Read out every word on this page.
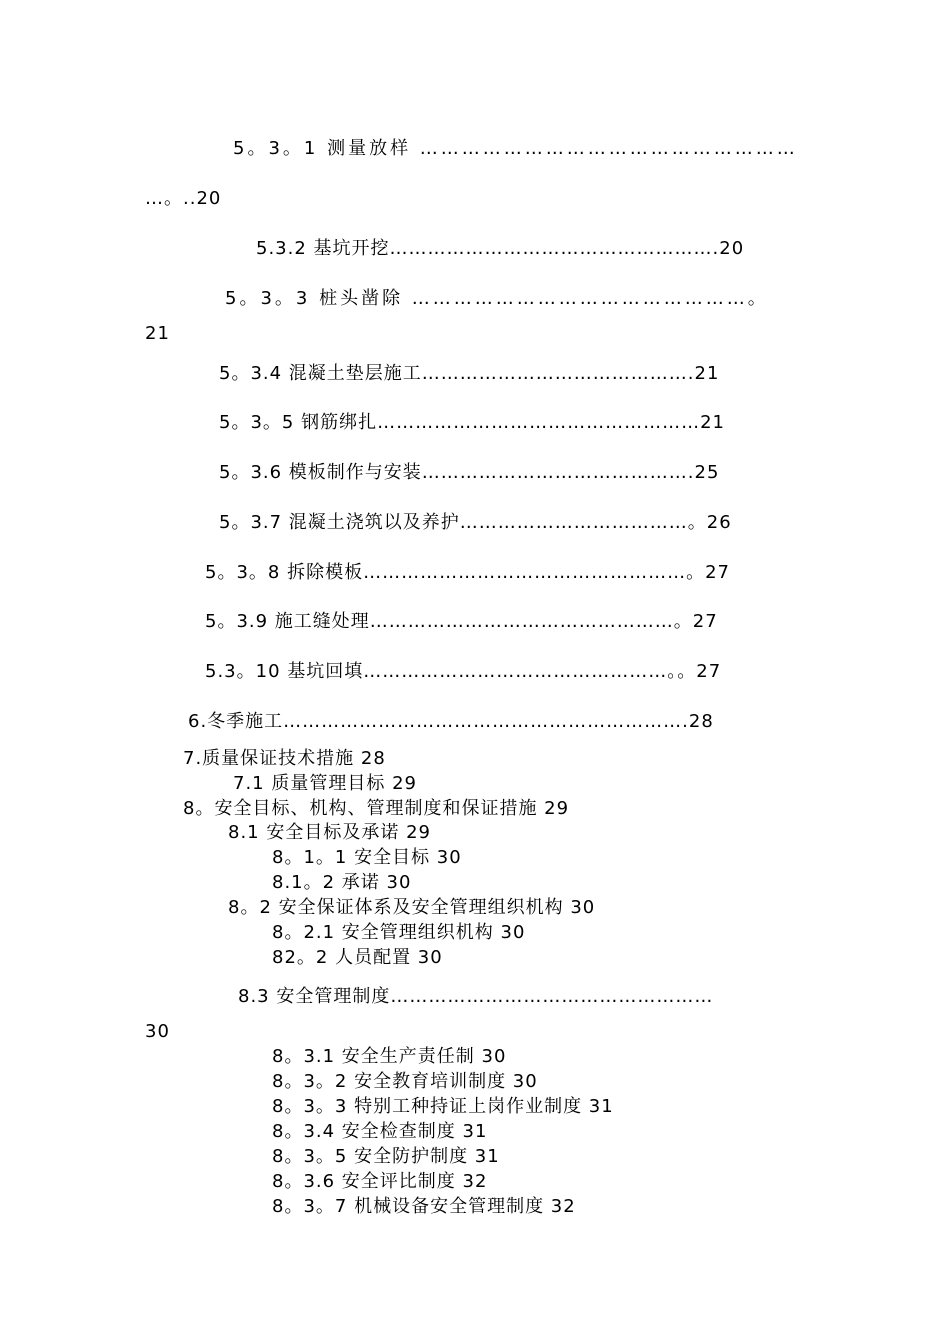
5。3。1 测量放样 ………………………………………………
…。..20
5.3.2 基坑开挖…………………………………………….20
5。3。3 桩头凿除 …………………………………………。
21
5。3.4 混凝土垫层施工…………………………………….21
5。3。5 钢筋绑扎……………………………………………21
5。3.6 模板制作与安装…………………………………….25
5。3.7 混凝土浇筑以及养护………………………………。26
5。3。8 拆除模板……………………………………………。27
5。3.9 施工缝处理…………………………………………。27
5.3。10 基坑回填…………………………………………。。27
6.冬季施工……………………………………………………….28
7.质量保证技术措施 28
7.1 质量管理目标 29
8。安全目标、机构、管理制度和保证措施 29
8.1 安全目标及承诺 29
8。1。1 安全目标 30
8.1。2 承诺 30
8。2 安全保证体系及安全管理组织机构 30
8。2.1 安全管理组织机构 30
82。2 人员配置 30
8.3 安全管理制度……………………………………………
30
8。3.1 安全生产责任制 30
8。3。2 安全教育培训制度 30
8。3。3 特别工种持证上岗作业制度 31
8。3.4 安全检查制度 31
8。3。5 安全防护制度 31
8。3.6 安全评比制度 32
8。3。7 机械设备安全管理制度 32
